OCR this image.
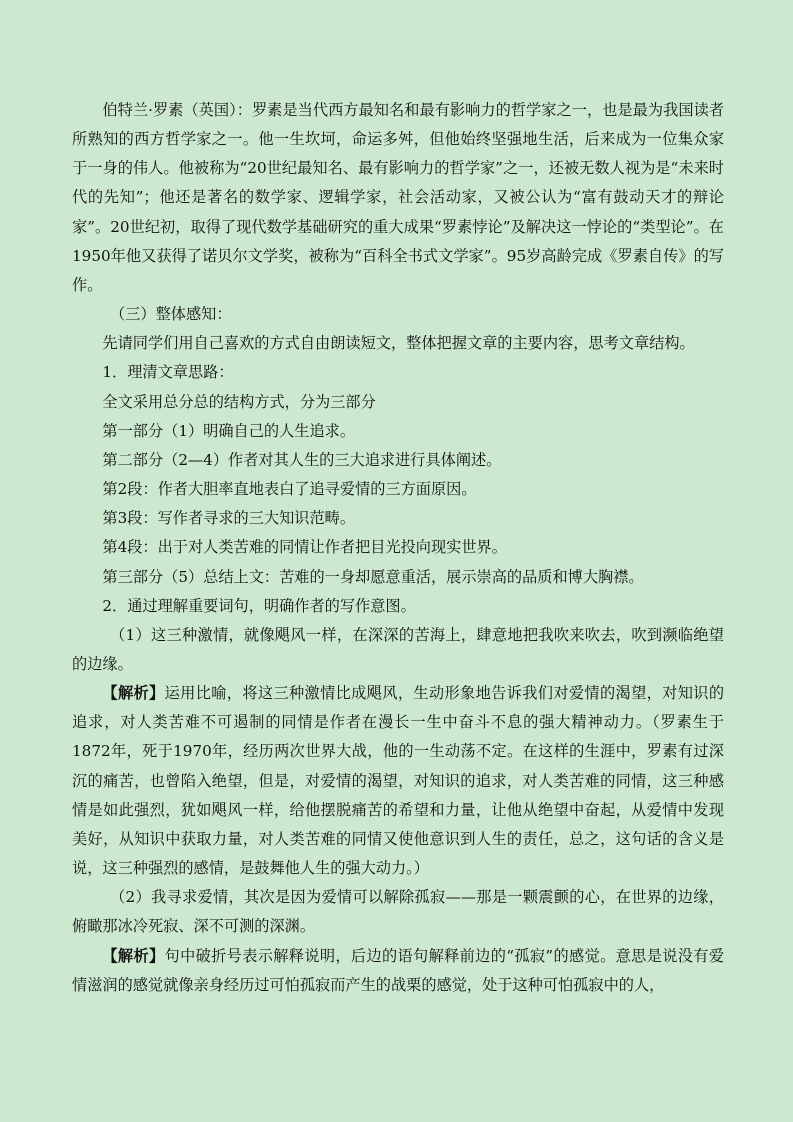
伯特兰·罗素（英国）：罗素是当代西方最知名和最有影响力的哲学家之一，也是最为我国读者所熟知的西方哲学家之一。他一生坎坷，命运多舛，但他始终坚强地生活，后来成为一位集众家于一身的伟人。他被称为“20世纪最知名、最有影响力的哲学家”之一，还被无数人视为是“未来时代的先知”；他还是著名的数学家、逻辑学家，社会活动家，又被公认为“富有鼓动天才的辩论家”。20世纪初，取得了现代数学基础研究的重大成果“罗素悖论”及解决这一悖论的“类型论”。在1950年他又获得了诺贝尔文学奖，被称为“百科全书式文学家”。95岁高龄完成《罗素自传》的写作。

（三）整体感知：

先请同学们用自己喜欢的方式自由朗读短文，整体把握文章的主要内容，思考文章结构。

1．理清文章思路：

全文采用总分总的结构方式，分为三部分

第一部分（1）明确自己的人生追求。

第二部分（2—4）作者对其人生的三大追求进行具体阐述。

第2段：作者大胆率直地表白了追寻爱情的三方面原因。

第3段：写作者寻求的三大知识范畴。

第4段：出于对人类苦难的同情让作者把目光投向现实世界。

第三部分（5）总结上文：苦难的一身却愿意重活，展示崇高的品质和博大胸襟。

2．通过理解重要词句，明确作者的写作意图。

（1）这三种激情，就像飓风一样，在深深的苦海上，肆意地把我吹来吹去，吹到濒临绝望的边缘。

【解析】运用比喻，将这三种激情比成飓风，生动形象地告诉我们对爱情的渴望，对知识的追求，对人类苦难不可遏制的同情是作者在漫长一生中奋斗不息的强大精神动力。（罗素生于1872年，死于1970年，经历两次世界大战，他的一生动荡不定。在这样的生涯中，罗素有过深沉的痛苦，也曾陷入绝望，但是，对爱情的渴望，对知识的追求，对人类苦难的同情，这三种感情是如此强烈，犹如飓风一样，给他摆脱痛苦的希望和力量，让他从绝望中奋起，从爱情中发现美好，从知识中获取力量，对人类苦难的同情又使他意识到人生的责任，总之，这句话的含义是说，这三种强烈的感情，是鼓舞他人生的强大动力。）

（2）我寻求爱情，其次是因为爱情可以解除孤寂——那是一颗震颤的心，在世界的边缘，俯瞰那冰冷死寂、深不可测的深渊。

【解析】句中破折号表示解释说明，后边的语句解释前边的“孤寂”的感觉。意思是说没有爱情滋润的感觉就像亲身经历过可怕孤寂而产生的战栗的感觉，处于这种可怕孤寂中的人，
